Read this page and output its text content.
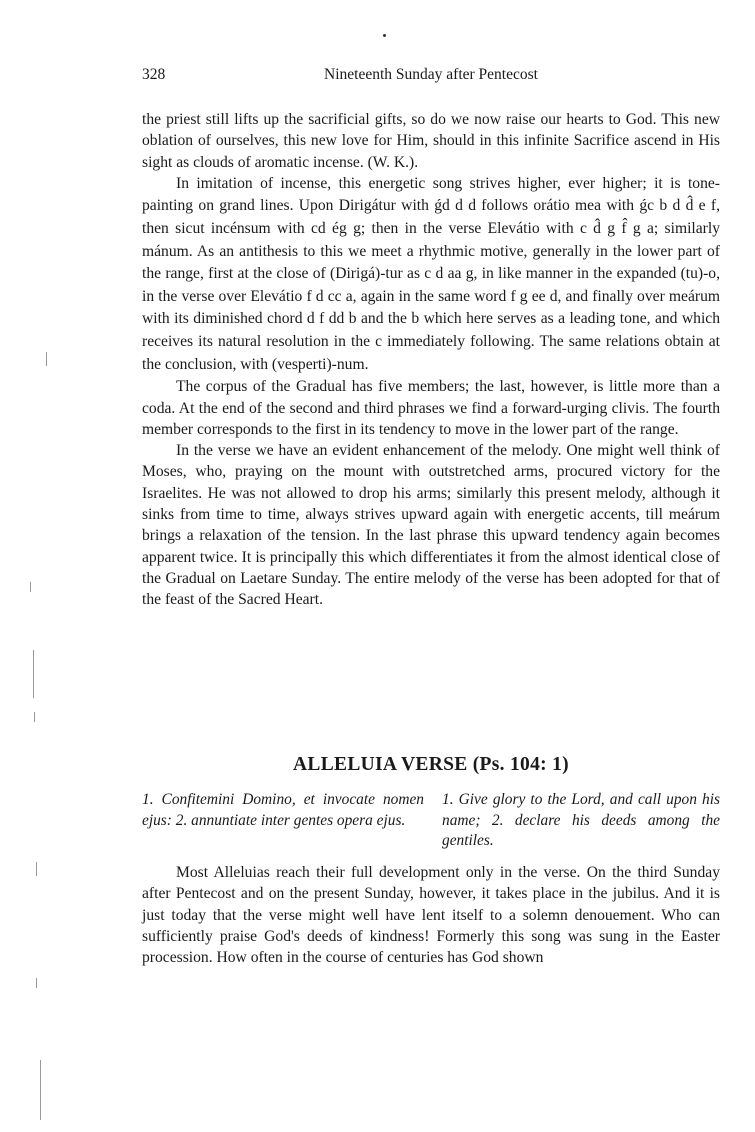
328	Nineteenth Sunday after Pentecost

the priest still lifts up the sacrificial gifts, so do we now raise our hearts to God. This new oblation of ourselves, this new love for Him, should in this infinite Sacrifice ascend in His sight as clouds of aromatic incense. (W. K.).

In imitation of incense, this energetic song strives higher, ever higher; it is tone-painting on grand lines. Upon Dirigátur with ǵd d d follows orátio mea with ǵc b d d̂ e f, then sicut incénsum with cd ég g; then in the verse Elevátio with c d̂ g f̂ g a; similarly mánum. As an antithesis to this we meet a rhythmic motive, generally in the lower part of the range, first at the close of (Dirigá)-tur as c d aa g, in like manner in the expanded (tu)-o, in the verse over Elevátio f d cc a, again in the same word f g ee d, and finally over meárum with its diminished chord d f dd b and the b which here serves as a leading tone, and which receives its natural resolution in the c immediately following. The same relations obtain at the conclusion, with (vesperti)-num.

The corpus of the Gradual has five members; the last, however, is little more than a coda. At the end of the second and third phrases we find a forward-urging clivis. The fourth member corresponds to the first in its tendency to move in the lower part of the range.

In the verse we have an evident enhancement of the melody. One might well think of Moses, who, praying on the mount with outstretched arms, procured victory for the Israelites. He was not allowed to drop his arms; similarly this present melody, although it sinks from time to time, always strives upward again with energetic accents, till meárum brings a relaxation of the tension. In the last phrase this upward tendency again becomes apparent twice. It is principally this which differentiates it from the almost identical close of the Gradual on Laetare Sunday. The entire melody of the verse has been adopted for that of the feast of the Sacred Heart.

ALLELUIA VERSE (Ps. 104: 1)
1. Confitemini Domino, et invocate nomen ejus: 2. annuntiate inter gentes opera ejus.
1. Give glory to the Lord, and call upon his name; 2. declare his deeds among the gentiles.

Most Alleluias reach their full development only in the verse. On the third Sunday after Pentecost and on the present Sunday, however, it takes place in the jubilus. And it is just today that the verse might well have lent itself to a solemn denouement. Who can sufficiently praise God's deeds of kindness! Formerly this song was sung in the Easter procession. How often in the course of centuries has God shown
